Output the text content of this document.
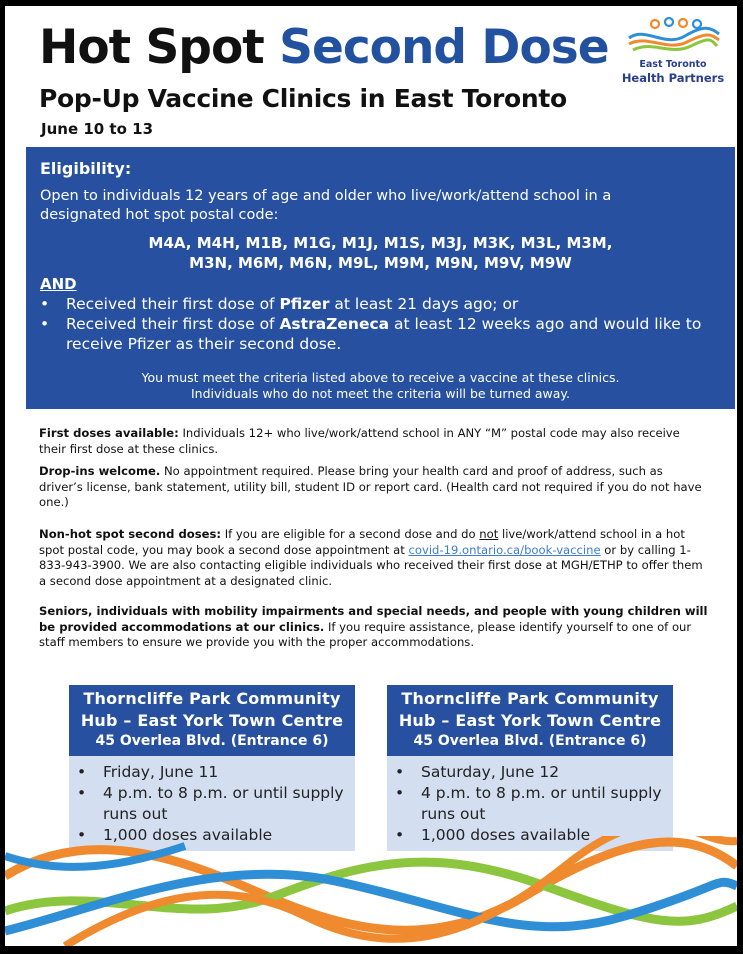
Hot Spot Second Dose
Pop-Up Vaccine Clinics in East Toronto
June 10 to 13
East Toronto
Health Partners
Eligibility:
Open to individuals 12 years of age and older who live/work/attend school in a designated hot spot postal code:
M4A, M4H, M1B, M1G, M1J, M1S, M3J, M3K, M3L, M3M,
M3N, M6M, M6N, M9L, M9M, M9N, M9V, M9W
AND
• Received their first dose of Pfizer at least 21 days ago; or
• Received their first dose of AstraZeneca at least 12 weeks ago and would like to receive Pfizer as their second dose.
You must meet the criteria listed above to receive a vaccine at these clinics.
Individuals who do not meet the criteria will be turned away.

First doses available: Individuals 12+ who live/work/attend school in ANY “M” postal code may also receive their first dose at these clinics.

Drop-ins welcome. No appointment required. Please bring your health card and proof of address, such as driver’s license, bank statement, utility bill, student ID or report card. (Health card not required if you do not have one.)

Non-hot spot second doses: If you are eligible for a second dose and do not live/work/attend school in a hot spot postal code, you may book a second dose appointment at covid-19.ontario.ca/book-vaccine or by calling 1-833-943-3900. We are also contacting eligible individuals who received their first dose at MGH/ETHP to offer them a second dose appointment at a designated clinic.

Seniors, individuals with mobility impairments and special needs, and people with young children will be provided accommodations at our clinics. If you require assistance, please identify yourself to one of our staff members to ensure we provide you with the proper accommodations.

Thorncliffe Park Community
Hub – East York Town Centre
45 Overlea Blvd. (Entrance 6)
• Friday, June 11
• 4 p.m. to 8 p.m. or until supply runs out
• 1,000 doses available
Thorncliffe Park Community
Hub – East York Town Centre
45 Overlea Blvd. (Entrance 6)
• Saturday, June 12
• 4 p.m. to 8 p.m. or until supply runs out
• 1,000 doses available
